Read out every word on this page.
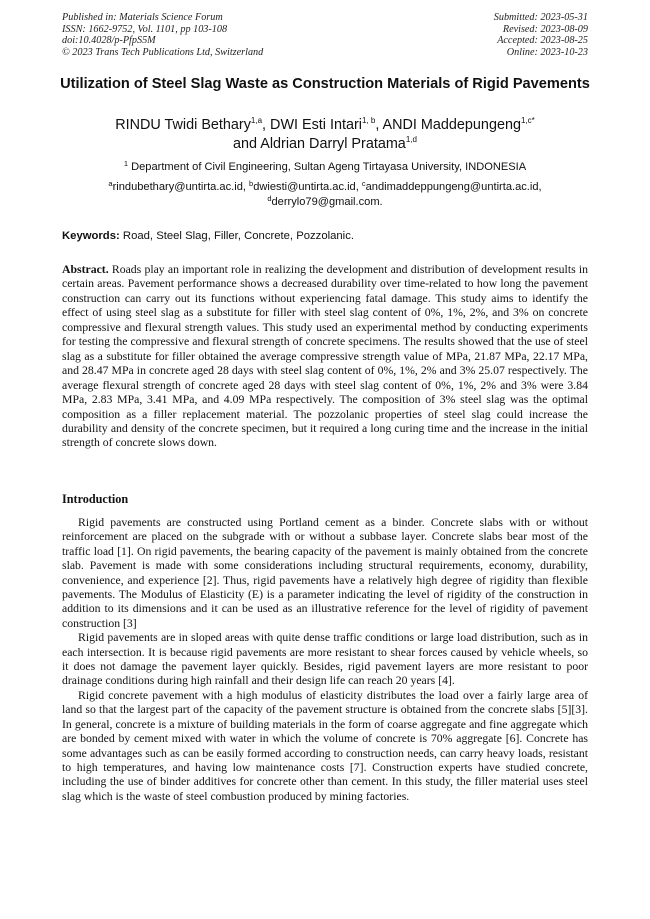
Published in: Materials Science Forum
ISSN: 1662-9752, Vol. 1101, pp 103-108
doi:10.4028/p-PfpS5M
© 2023 Trans Tech Publications Ltd, Switzerland
Submitted: 2023-05-31
Revised: 2023-08-09
Accepted: 2023-08-25
Online: 2023-10-23
Utilization of Steel Slag Waste as Construction Materials of Rigid Pavements
RINDU Twidi Bethary$^{1,a}$, DWI Esti Intari$^{1, b}$, ANDI Maddepungeng$^{1,c*}$
and Aldrian Darryl Pratama$^{1,d}$
$^1$ Department of Civil Engineering, Sultan Ageng Tirtayasa University, INDONESIA
$^a$rindubethary@untirta.ac.id, $^b$dwiesti@untirta.ac.id, $^c$andimaddeppungeng@untirta.ac.id,
$^d$derrylo79@gmail.com.
Keywords: Road, Steel Slag, Filler, Concrete, Pozzolanic.
Abstract. Roads play an important role in realizing the development and distribution of development results in certain areas. Pavement performance shows a decreased durability over time-related to how long the pavement construction can carry out its functions without experiencing fatal damage. This study aims to identify the effect of using steel slag as a substitute for filler with steel slag content of 0%, 1%, 2%, and 3% on concrete compressive and flexural strength values. This study used an experimental method by conducting experiments for testing the compressive and flexural strength of concrete specimens. The results showed that the use of steel slag as a substitute for filler obtained the average compressive strength value of MPa, 21.87 MPa, 22.17 MPa, and 28.47 MPa in concrete aged 28 days with steel slag content of 0%, 1%, 2% and 3% 25.07 respectively. The average flexural strength of concrete aged 28 days with steel slag content of 0%, 1%, 2% and 3% were 3.84 MPa, 2.83 MPa, 3.41 MPa, and 4.09 MPa respectively. The composition of 3% steel slag was the optimal composition as a filler replacement material. The pozzolanic properties of steel slag could increase the durability and density of the concrete specimen, but it required a long curing time and the increase in the initial strength of concrete slows down.
Introduction

Rigid pavements are constructed using Portland cement as a binder. Concrete slabs with or without reinforcement are placed on the subgrade with or without a subbase layer. Concrete slabs bear most of the traffic load [1]. On rigid pavements, the bearing capacity of the pavement is mainly obtained from the concrete slab. Pavement is made with some considerations including structural requirements, economy, durability, convenience, and experience [2]. Thus, rigid pavements have a relatively high degree of rigidity than flexible pavements. The Modulus of Elasticity (E) is a parameter indicating the level of rigidity of the construction in addition to its dimensions and it can be used as an illustrative reference for the level of rigidity of pavement construction [3]

Rigid pavements are in sloped areas with quite dense traffic conditions or large load distribution, such as in each intersection. It is because rigid pavements are more resistant to shear forces caused by vehicle wheels, so it does not damage the pavement layer quickly. Besides, rigid pavement layers are more resistant to poor drainage conditions during high rainfall and their design life can reach 20 years [4].

Rigid concrete pavement with a high modulus of elasticity distributes the load over a fairly large area of land so that the largest part of the capacity of the pavement structure is obtained from the concrete slabs [5][3]. In general, concrete is a mixture of building materials in the form of coarse aggregate and fine aggregate which are bonded by cement mixed with water in which the volume of concrete is 70% aggregate [6]. Concrete has some advantages such as can be easily formed according to construction needs, can carry heavy loads, resistant to high temperatures, and having low maintenance costs [7]. Construction experts have studied concrete, including the use of binder additives for concrete other than cement. In this study, the filler material uses steel slag which is the waste of steel combustion produced by mining factories.
